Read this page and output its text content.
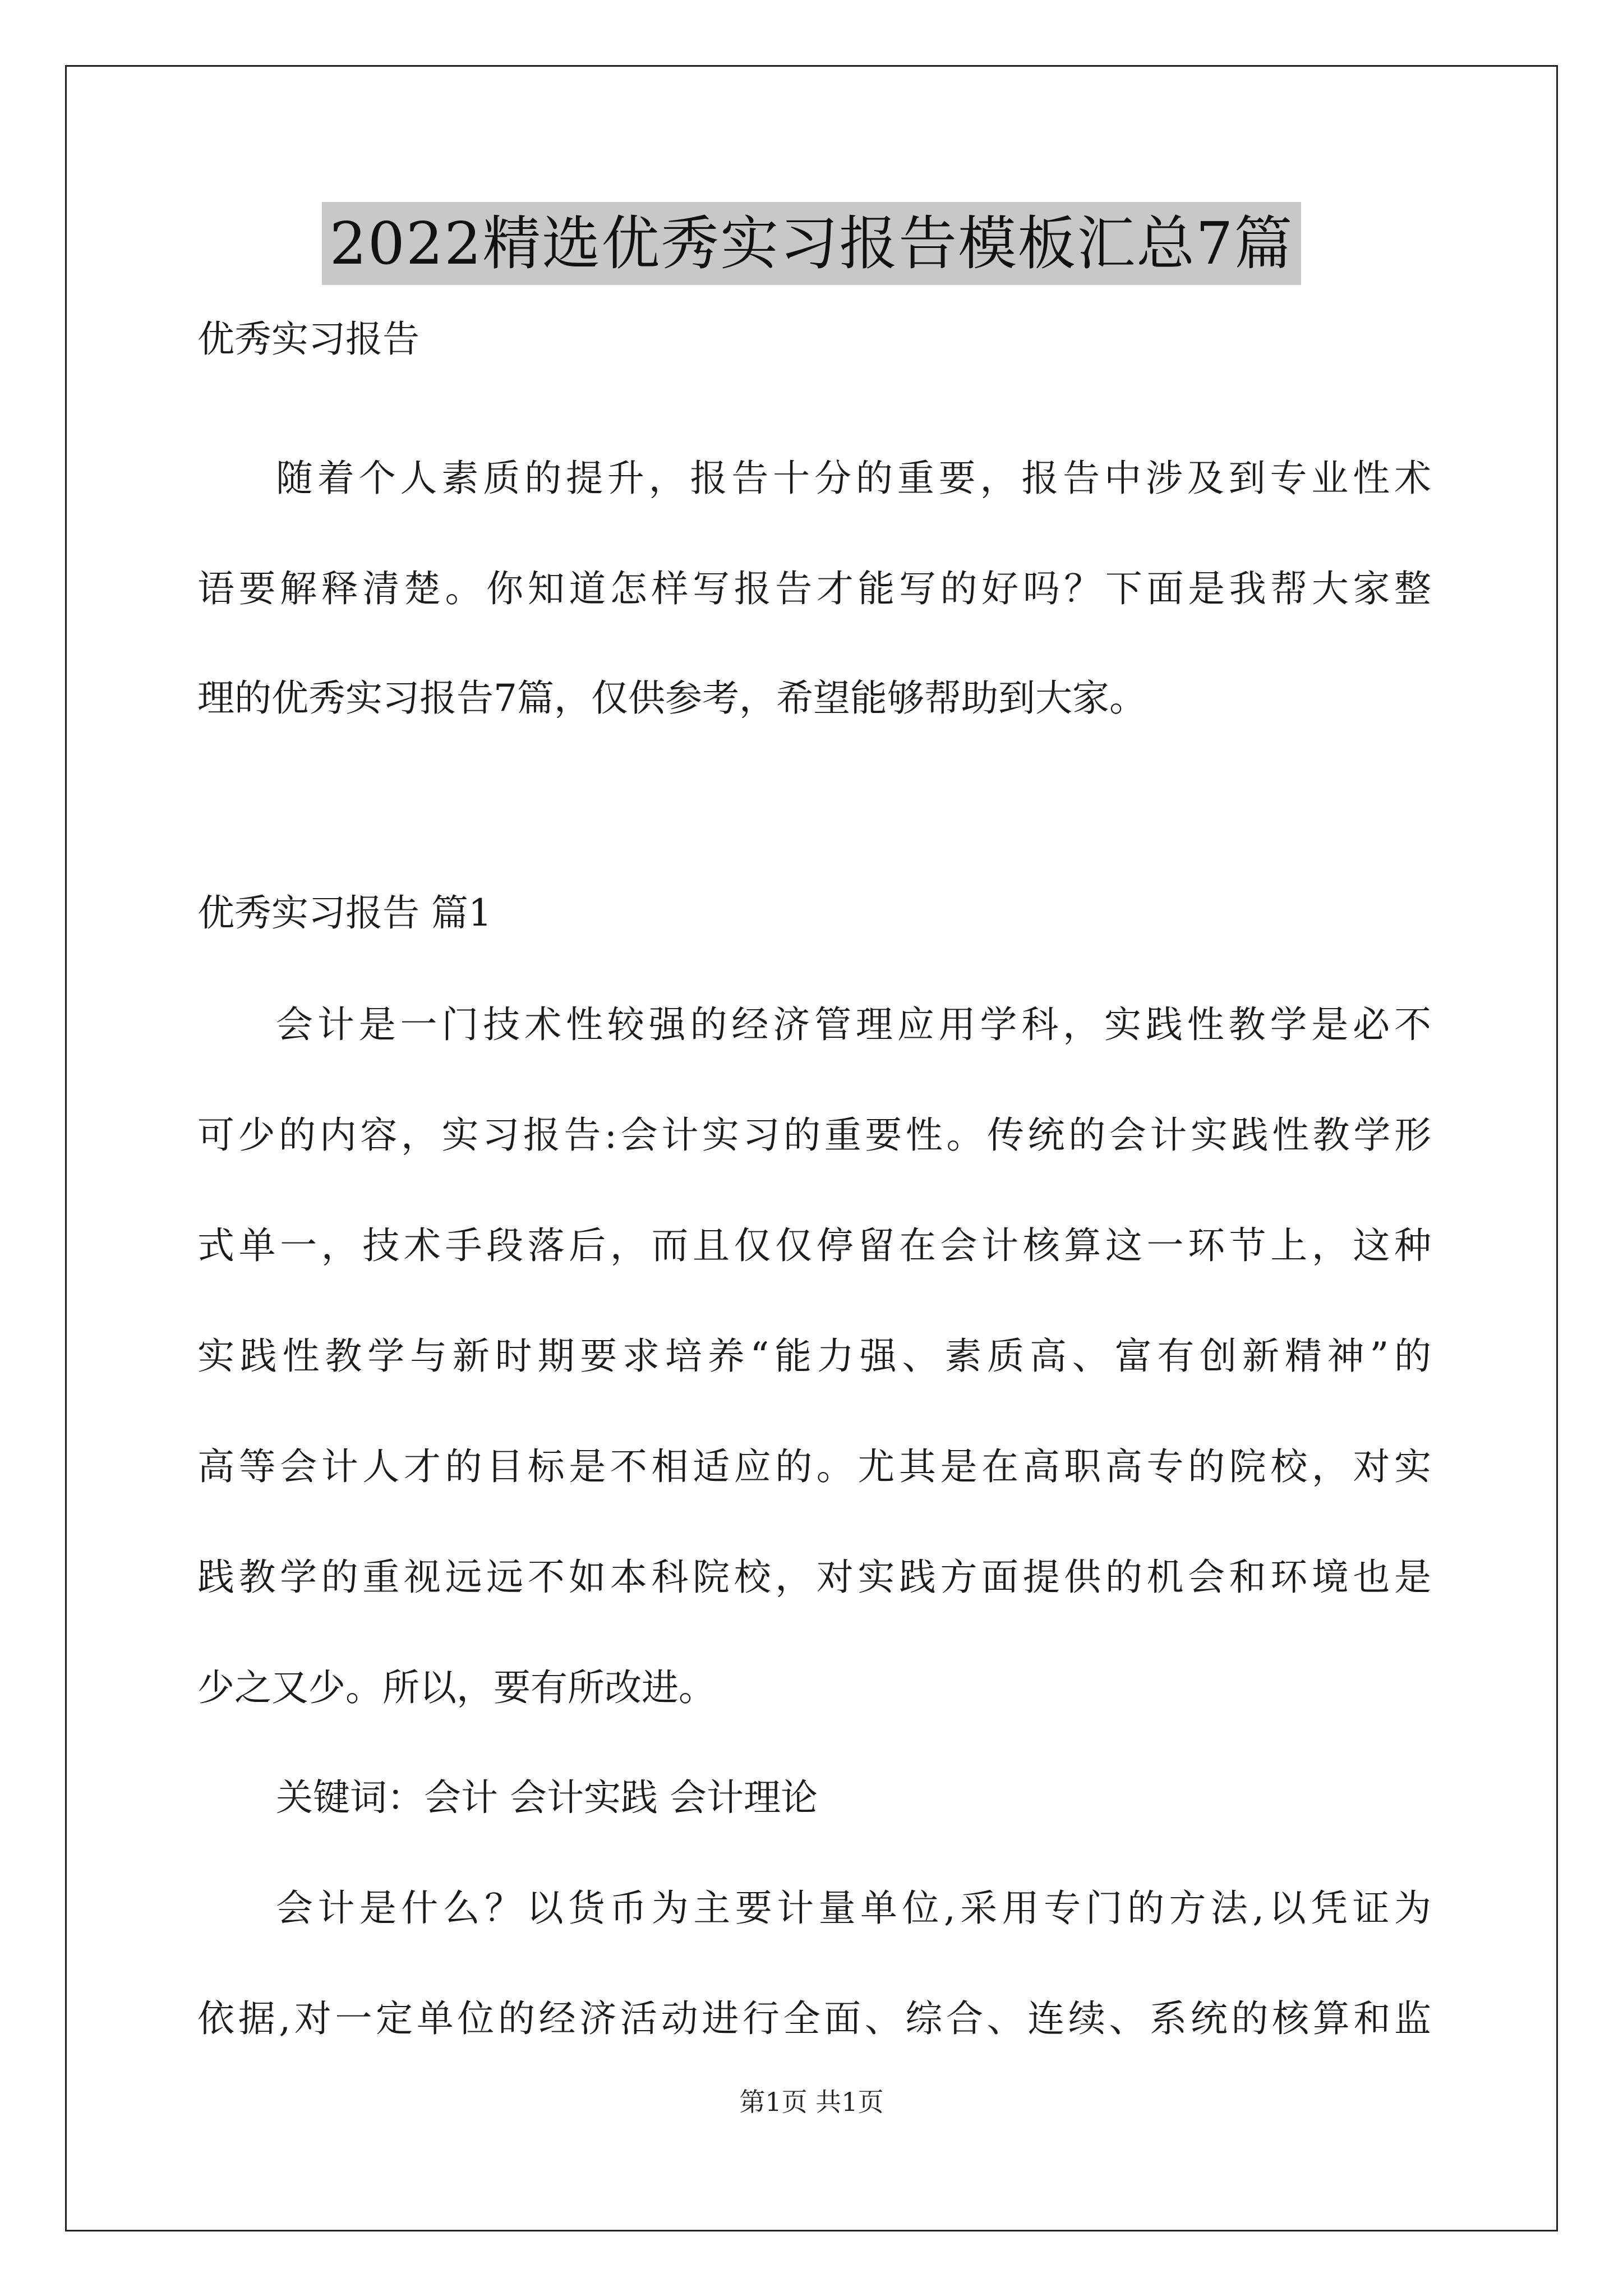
2022精选优秀实习报告模板汇总7篇
优秀实习报告
随着个人素质的提升，报告十分的重要，报告中涉及到专业性术
语要解释清楚。你知道怎样写报告才能写的好吗？下面是我帮大家整
理的优秀实习报告7篇，仅供参考，希望能够帮助到大家。
优秀实习报告 篇1
会计是一门技术性较强的经济管理应用学科，实践性教学是必不
可少的内容，实习报告:会计实习的重要性。传统的会计实践性教学形
式单一，技术手段落后，而且仅仅停留在会计核算这一环节上，这种
实践性教学与新时期要求培养“能力强、素质高、富有创新精神”的
高等会计人才的目标是不相适应的。尤其是在高职高专的院校，对实
践教学的重视远远不如本科院校，对实践方面提供的机会和环境也是
少之又少。所以，要有所改进。
关键词：会计 会计实践 会计理论
会计是什么？以货币为主要计量单位,采用专门的方法,以凭证为
依据,对一定单位的经济活动进行全面、综合、连续、系统的核算和监
第1页 共1页
